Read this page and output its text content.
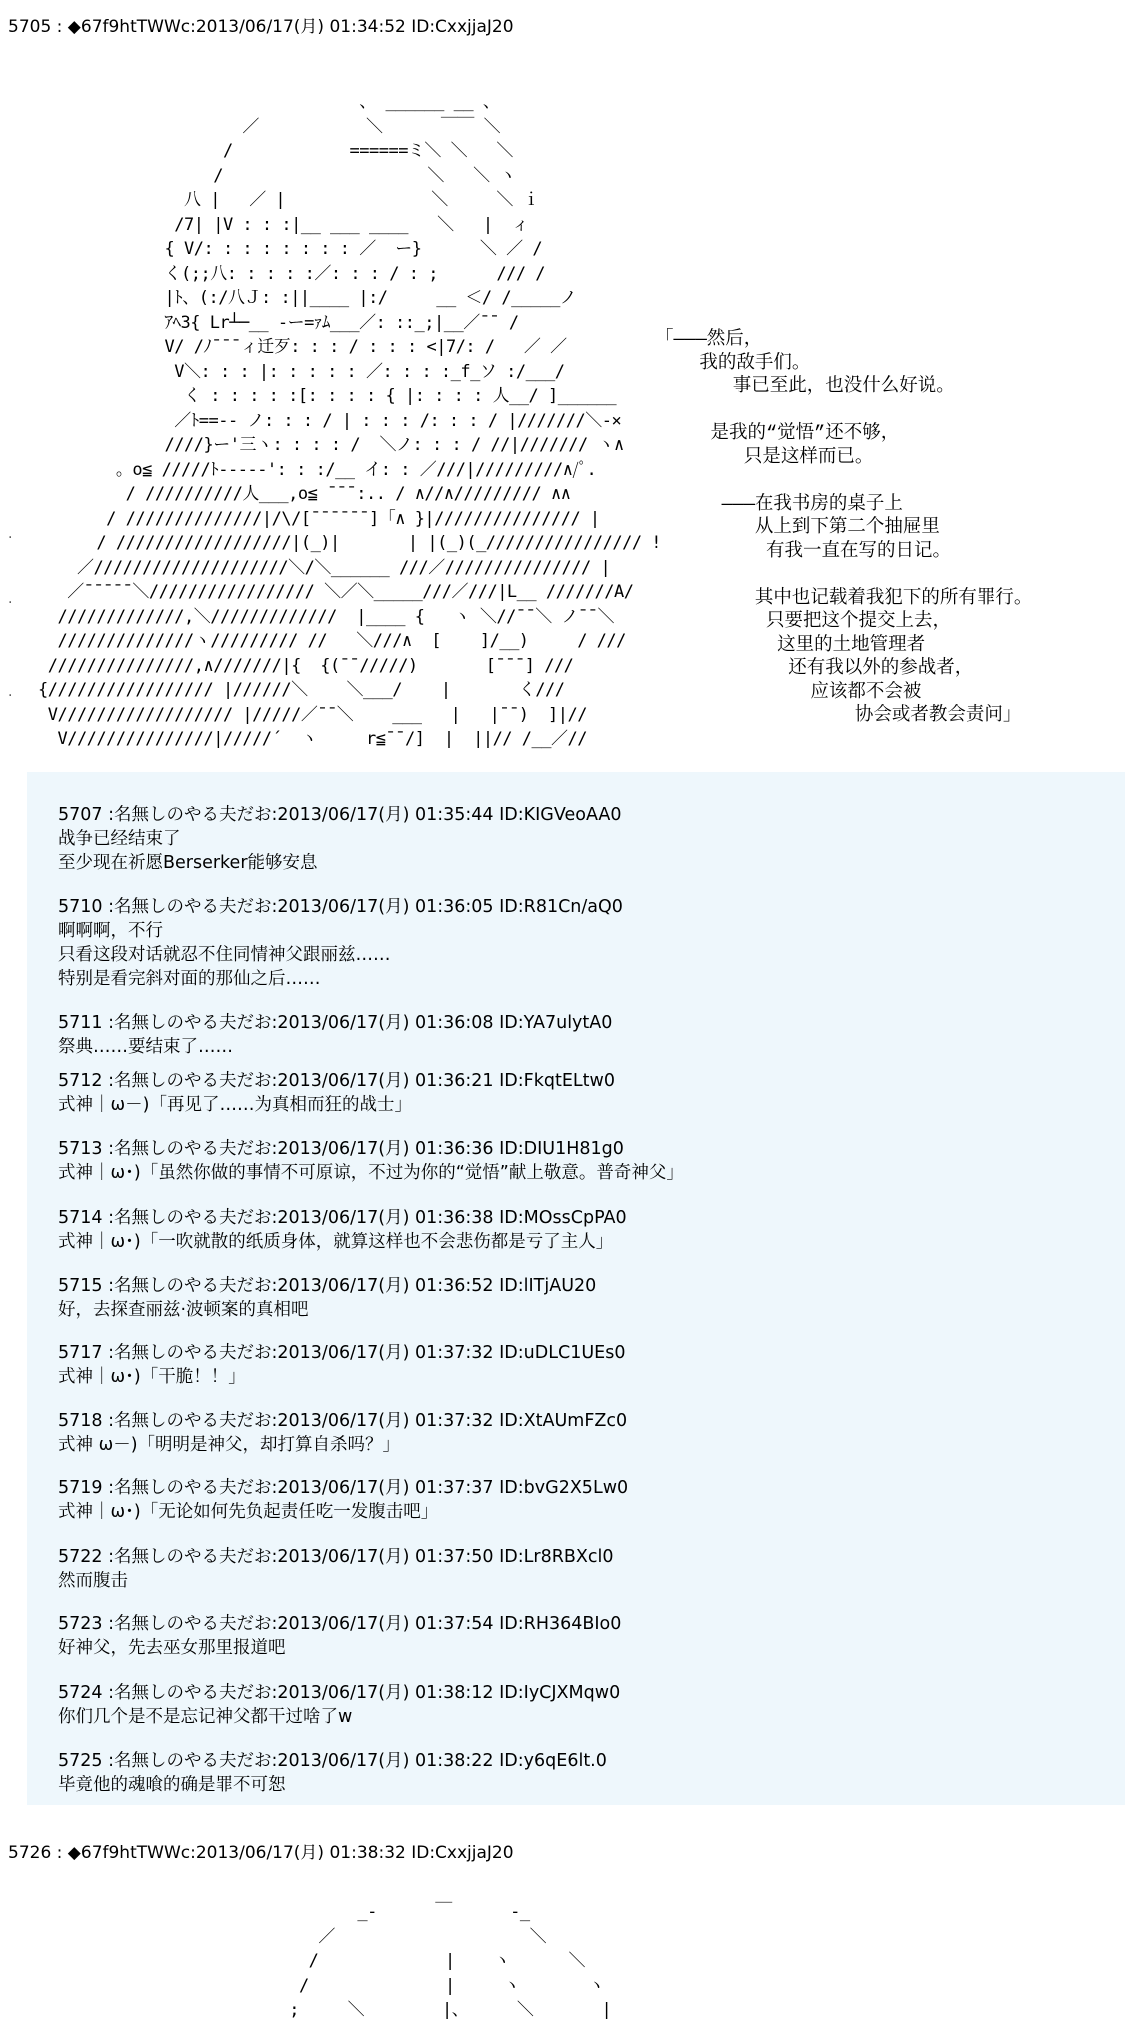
5705 : ◆67f9htTWWc:2013/06/17(月) 01:34:52 ID:CxxjjaJ20
、 ______ __ 、
／           ＼      ￣￣ ＼
/            ======ミ＼ ＼   ＼
/                     ＼   ＼ ヽ
八 |   ／ |               ＼     ＼ ｉ
/7| |V : : :|__ ___ ____   ＼   |  ィ
{ V/: : : : : : : : ／  ー}      ＼ ／ /
く(;;八: : : : :／: : : / : ;      /// /
|ﾄ、(:/八Ｊ: :||____ |:/     __ ＜/ /_____ノ
ｱﾍ3{ Lr┴─__ -ー=ｧﾑ___／: ::_;|__／¯¯ /
V/ /ﾉ¯¯¯ィ迁歹: : : / : : : <|7/: /   ／ ／
V＼: : : |: : : : : ／: : : :_f_ソ :/___/
く : : : : :[: : : : { |: : : : 人__/ ]______
／ﾄ==-- ノ: : : / | : : : /: : : / |///////＼-×
////}ー'三ヽ: : : : /  ＼ノ: : : / //|/////// ヽ∧
。o≦ /////ﾄ-----': : :/__ イ: : ／///|/////////∧/ﾟ.
/ //////////人___,o≦ ¯¯¯:.. / ∧//∧///////// ∧∧
/ //////////////|/\/[¯¯¯¯¯¯]「∧ }|/////////////// |
/ //////////////////|(_)|       | |(_)(_//////////////// !
／////////////////////＼/＼______ ///／/////////////// |
／¯¯¯¯¯＼///////////////// ＼／＼_____///／///|L__ ///////A/
/////////////,＼/////////////  |____ {   ヽ ＼//¯¯＼ ノ¯¯＼
//////////////ヽ///////// //   ＼///∧  [    ]/__)     / ///
///////////////,∧///////|{  {(¯¯/////)       [¯¯¯] ///
{///////////////// |//////＼    ＼___/    |       く///
V////////////////// |/////／¯¯＼    ___   |   |¯¯)  ]|//
V///////////////|/////´  ヽ     r≦¯¯/]  |  ||// /__／//
「———然后，
我的敌手们。
事已至此，也没什么好说。

是我的“觉悟”还不够，
只是这样而已。

———在我书房的桌子上
从上到下第二个抽屉里
有我一直在写的日记。

其中也记载着我犯下的所有罪行。
只要把这个提交上去，
这里的土地管理者
还有我以外的参战者，
应该都不会被
协会或者教会责问」
·
·
·
5707 :名無しのやる夫だお:2013/06/17(月) 01:35:44 ID:KIGVeoAA0
战争已经结束了
至少现在祈愿Berserker能够安息
5710 :名無しのやる夫だお:2013/06/17(月) 01:36:05 ID:R81Cn/aQ0
啊啊啊，不行
只看这段对话就忍不住同情神父跟丽兹……
特别是看完斜对面的那仙之后……
5711 :名無しのやる夫だお:2013/06/17(月) 01:36:08 ID:YA7ulytA0
祭典……要结束了……
5712 :名無しのやる夫だお:2013/06/17(月) 01:36:21 ID:FkqtELtw0
式神｜ω－)「再见了……为真相而狂的战士」
5713 :名無しのやる夫だお:2013/06/17(月) 01:36:36 ID:DIU1H81g0
式神｜ω･)「虽然你做的事情不可原谅，不过为你的“觉悟”献上敬意。普奇神父」
5714 :名無しのやる夫だお:2013/06/17(月) 01:36:38 ID:MOssCpPA0
式神｜ω･)「一吹就散的纸质身体，就算这样也不会悲伤都是亏了主人」
5715 :名無しのやる夫だお:2013/06/17(月) 01:36:52 ID:lITjAU20
好，去探查丽兹·波顿案的真相吧
5717 :名無しのやる夫だお:2013/06/17(月) 01:37:32 ID:uDLC1UEs0
式神｜ω･)「干脆！！」
5718 :名無しのやる夫だお:2013/06/17(月) 01:37:32 ID:XtAUmFZc0
式神 ω－)「明明是神父，却打算自杀吗？」
5719 :名無しのやる夫だお:2013/06/17(月) 01:37:37 ID:bvG2X5Lw0
式神｜ω･)「无论如何先负起责任吃一发腹击吧」
5722 :名無しのやる夫だお:2013/06/17(月) 01:37:50 ID:Lr8RBXcl0
然而腹击
5723 :名無しのやる夫だお:2013/06/17(月) 01:37:54 ID:RH364BIo0
好神父，先去巫女那里报道吧
5724 :名無しのやる夫だお:2013/06/17(月) 01:38:12 ID:IyCJXMqw0
你们几个是不是忘记神父都干过啥了w
5725 :名無しのやる夫だお:2013/06/17(月) 01:38:22 ID:y6qE6lt.0
毕竟他的魂喰的确是罪不可恕
5726 : ◆67f9htTWWc:2013/06/17(月) 01:38:32 ID:CxxjjaJ20
_-      ￣      -_
／                    ＼
/             |    ヽ      ＼
/              |     ヽ       ヽ
;     ＼        |、     ＼       |
